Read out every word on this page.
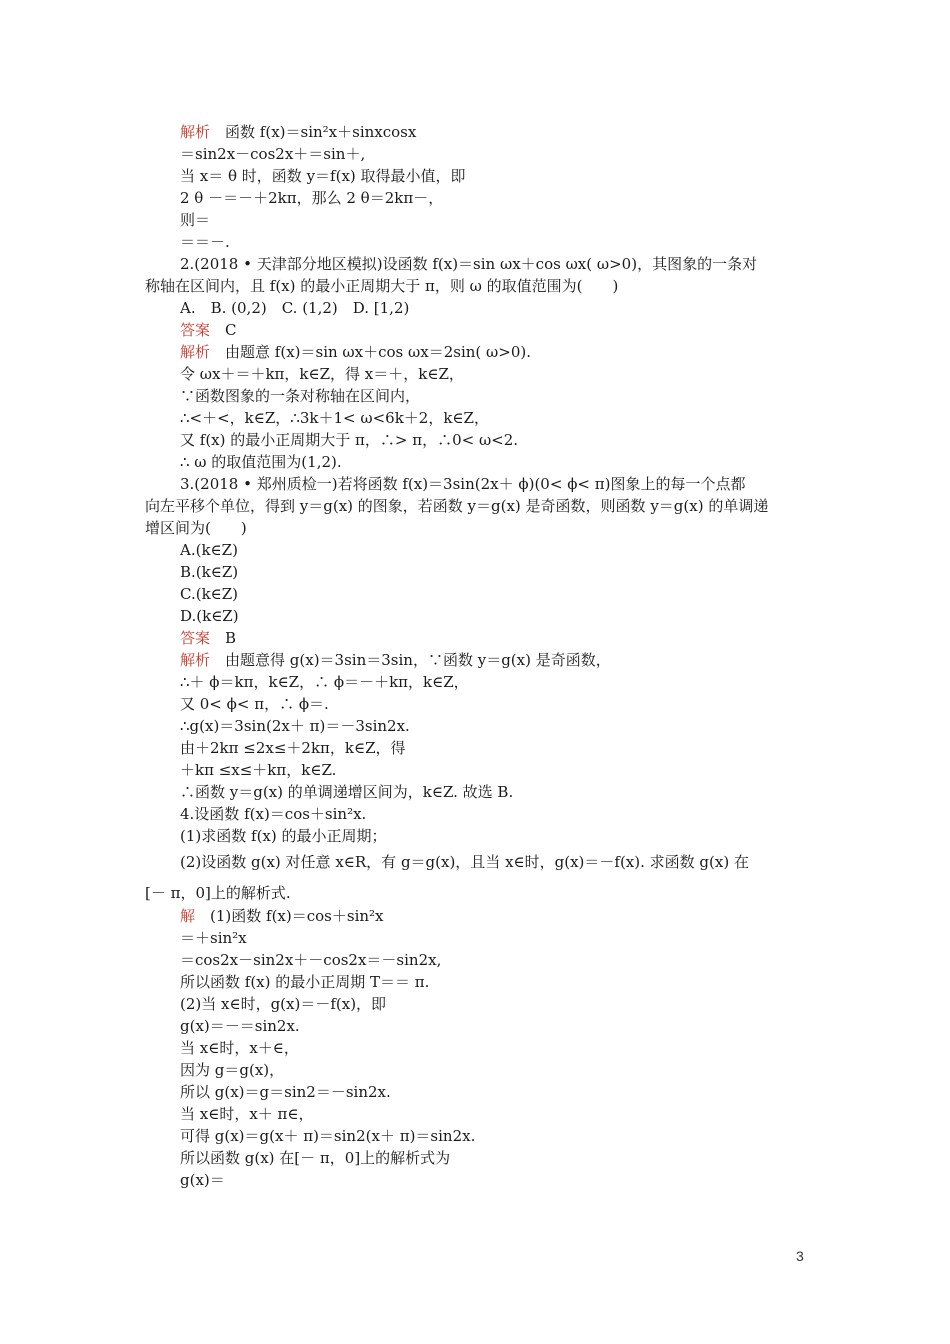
解析　函数 f(x)＝sin²x＋sinxcosx
＝sin2x－cos2x＋＝sin＋,
当 x＝ θ 时，函数 y＝f(x) 取得最小值，即
2 θ －＝－＋2kπ，那么 2 θ＝2kπ－，
则＝
＝＝－.
2.(2018 • 天津部分地区模拟)设函数 f(x)＝sin ωx＋cos ωx( ω>0)，其图象的一条对
称轴在区间内，且 f(x) 的最小正周期大于 π，则 ω 的取值范围为(　　)
A.　B. (0,2)　C. (1,2)　D. [1,2)
答案　C
解析　由题意 f(x)＝sin ωx＋cos ωx＝2sin( ω>0).
令 ωx＋＝＋kπ，k∈Z，得 x＝＋，k∈Z，
∵函数图象的一条对称轴在区间内，
∴<＋<，k∈Z，∴3k＋1< ω<6k＋2，k∈Z，
又 f(x) 的最小正周期大于 π，∴> π，∴0< ω<2.
∴ ω 的取值范围为(1,2).
3.(2018 • 郑州质检一)若将函数 f(x)＝3sin(2x＋ ϕ)(0< ϕ< π)图象上的每一个点都
向左平移个单位，得到 y＝g(x) 的图象，若函数 y＝g(x) 是奇函数，则函数 y＝g(x) 的单调递
增区间为(　　)
A.(k∈Z)
B.(k∈Z)
C.(k∈Z)
D.(k∈Z)
答案　B
解析　由题意得 g(x)＝3sin＝3sin，∵函数 y＝g(x) 是奇函数，
∴＋ ϕ＝kπ，k∈Z，∴ ϕ＝－＋kπ，k∈Z，
又 0< ϕ< π，∴ ϕ＝.
∴g(x)＝3sin(2x＋ π)＝－3sin2x.
由＋2kπ ≤2x≤＋2kπ，k∈Z，得
＋kπ ≤x≤＋kπ，k∈Z.
∴函数 y＝g(x) 的单调递增区间为，k∈Z. 故选 B.
4.设函数 f(x)＝cos＋sin²x.
(1)求函数 f(x) 的最小正周期；
(2)设函数 g(x) 对任意 x∈R，有 g＝g(x)，且当 x∈时，g(x)＝－f(x). 求函数 g(x) 在
[－ π，0]上的解析式.
解　(1)函数 f(x)＝cos＋sin²x
＝＋sin²x
＝cos2x－sin2x＋－cos2x＝－sin2x,
所以函数 f(x) 的最小正周期 T＝＝ π.
(2)当 x∈时，g(x)＝－f(x)，即
g(x)＝－＝sin2x.
当 x∈时，x＋∈，
因为 g＝g(x)，
所以 g(x)＝g＝sin2＝－sin2x.
当 x∈时，x＋ π∈，
可得 g(x)＝g(x＋ π)＝sin2(x＋ π)＝sin2x.
所以函数 g(x) 在[－ π，0]上的解析式为
g(x)＝
3
